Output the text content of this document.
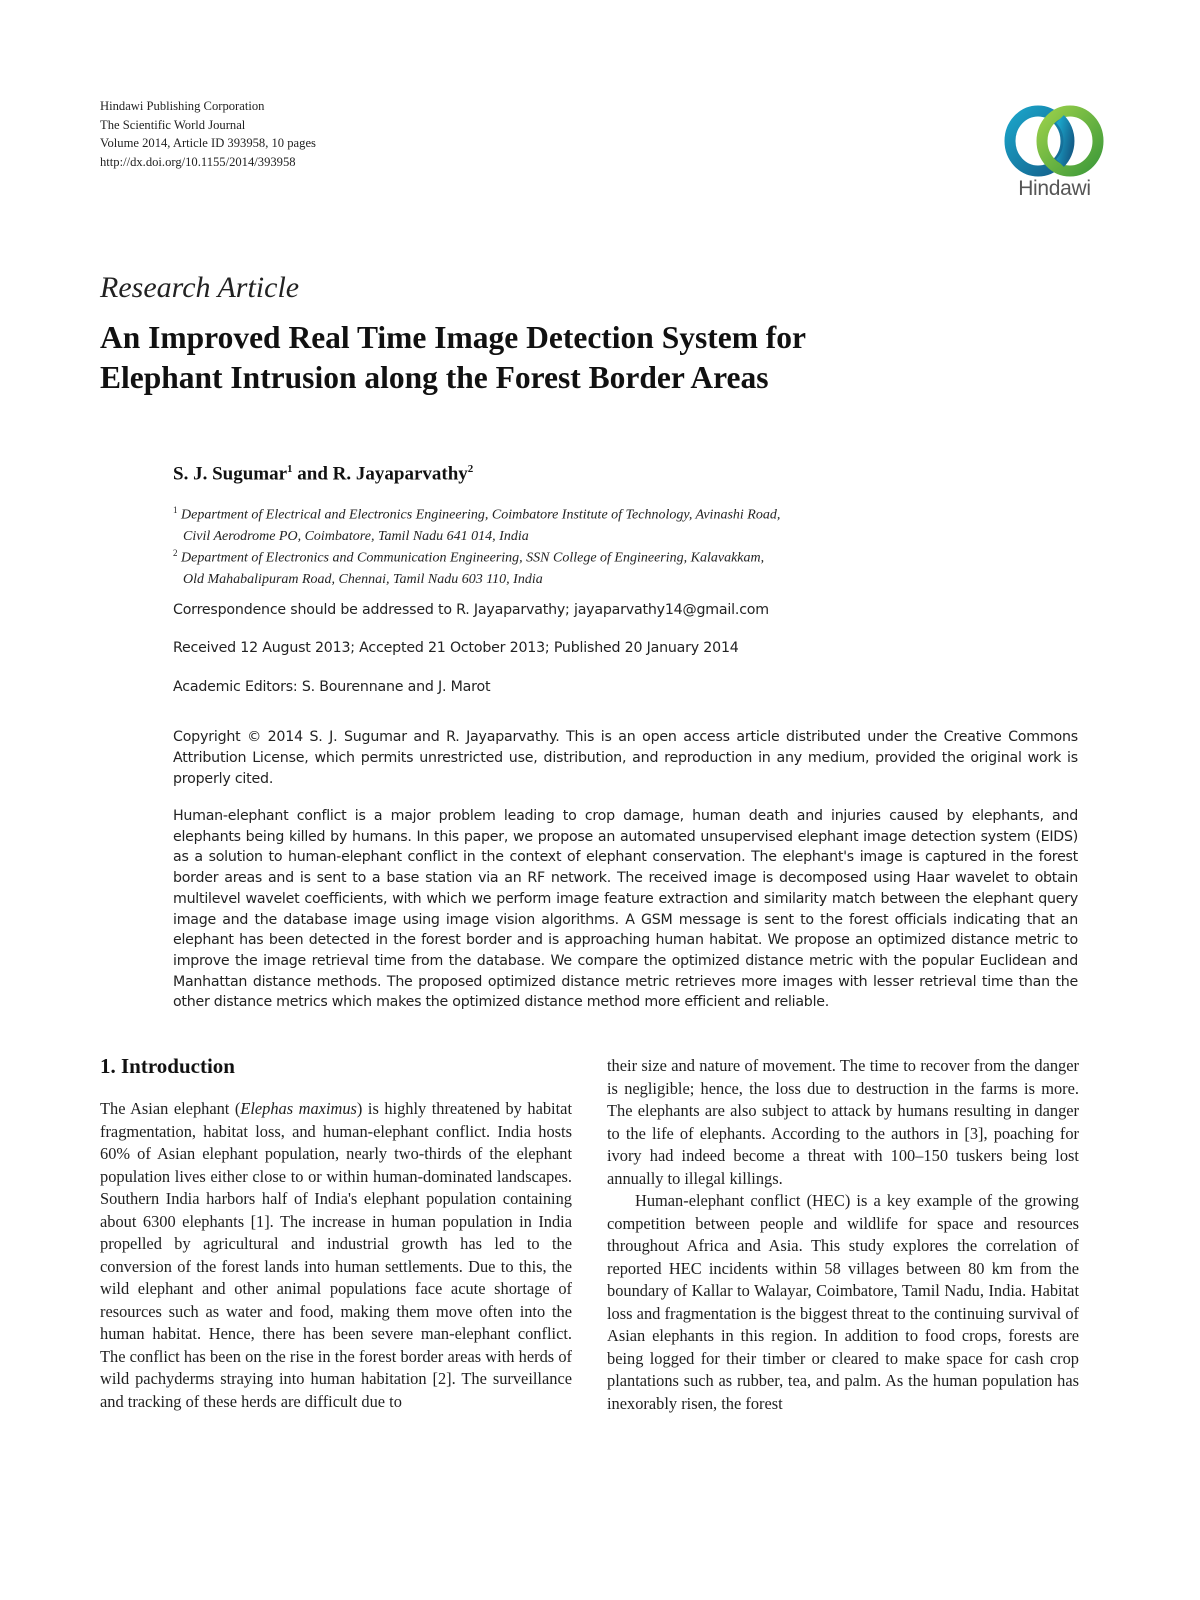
Hindawi Publishing Corporation
The Scientific World Journal
Volume 2014, Article ID 393958, 10 pages
http://dx.doi.org/10.1155/2014/393958
Hindawi
Research Article
An Improved Real Time Image Detection System for
Elephant Intrusion along the Forest Border Areas
S. J. Sugumar$^1$ and R. Jayaparvathy$^2$
$^1$ Department of Electrical and Electronics Engineering, Coimbatore Institute of Technology, Avinashi Road,
Civil Aerodrome PO, Coimbatore, Tamil Nadu 641 014, India
$^2$ Department of Electronics and Communication Engineering, SSN College of Engineering, Kalavakkam,
Old Mahabalipuram Road, Chennai, Tamil Nadu 603 110, India
Correspondence should be addressed to R. Jayaparvathy; jayaparvathy14@gmail.com
Received 12 August 2013; Accepted 21 October 2013; Published 20 January 2014
Academic Editors: S. Bourennane and J. Marot
Copyright © 2014 S. J. Sugumar and R. Jayaparvathy. This is an open access article distributed under the Creative Commons Attribution License, which permits unrestricted use, distribution, and reproduction in any medium, provided the original work is properly cited.
Human-elephant conflict is a major problem leading to crop damage, human death and injuries caused by elephants, and elephants being killed by humans. In this paper, we propose an automated unsupervised elephant image detection system (EIDS) as a solution to human-elephant conflict in the context of elephant conservation. The elephant's image is captured in the forest border areas and is sent to a base station via an RF network. The received image is decomposed using Haar wavelet to obtain multilevel wavelet coefficients, with which we perform image feature extraction and similarity match between the elephant query image and the database image using image vision algorithms. A GSM message is sent to the forest officials indicating that an elephant has been detected in the forest border and is approaching human habitat. We propose an optimized distance metric to improve the image retrieval time from the database. We compare the optimized distance metric with the popular Euclidean and Manhattan distance methods. The proposed optimized distance metric retrieves more images with lesser retrieval time than the other distance metrics which makes the optimized distance method more efficient and reliable.
1. Introduction

The Asian elephant (Elephas maximus) is highly threatened by habitat fragmentation, habitat loss, and human-elephant conflict. India hosts 60% of Asian elephant population, nearly two-thirds of the elephant population lives either close to or within human-dominated landscapes. Southern India harbors half of India's elephant population containing about 6300 elephants [1]. The increase in human population in India propelled by agricultural and industrial growth has led to the conversion of the forest lands into human settlements. Due to this, the wild elephant and other animal populations face acute shortage of resources such as water and food, making them move often into the human habitat. Hence, there has been severe man-elephant conflict. The conflict has been on the rise in the forest border areas with herds of wild pachyderms straying into human habitation [2]. The surveillance and tracking of these herds are difficult due to

their size and nature of movement. The time to recover from the danger is negligible; hence, the loss due to destruction in the farms is more. The elephants are also subject to attack by humans resulting in danger to the life of elephants. According to the authors in [3], poaching for ivory had indeed become a threat with 100–150 tuskers being lost annually to illegal killings.

Human-elephant conflict (HEC) is a key example of the growing competition between people and wildlife for space and resources throughout Africa and Asia. This study explores the correlation of reported HEC incidents within 58 villages between 80 km from the boundary of Kallar to Walayar, Coimbatore, Tamil Nadu, India. Habitat loss and fragmentation is the biggest threat to the continuing survival of Asian elephants in this region. In addition to food crops, forests are being logged for their timber or cleared to make space for cash crop plantations such as rubber, tea, and palm. As the human population has inexorably risen, the forest
